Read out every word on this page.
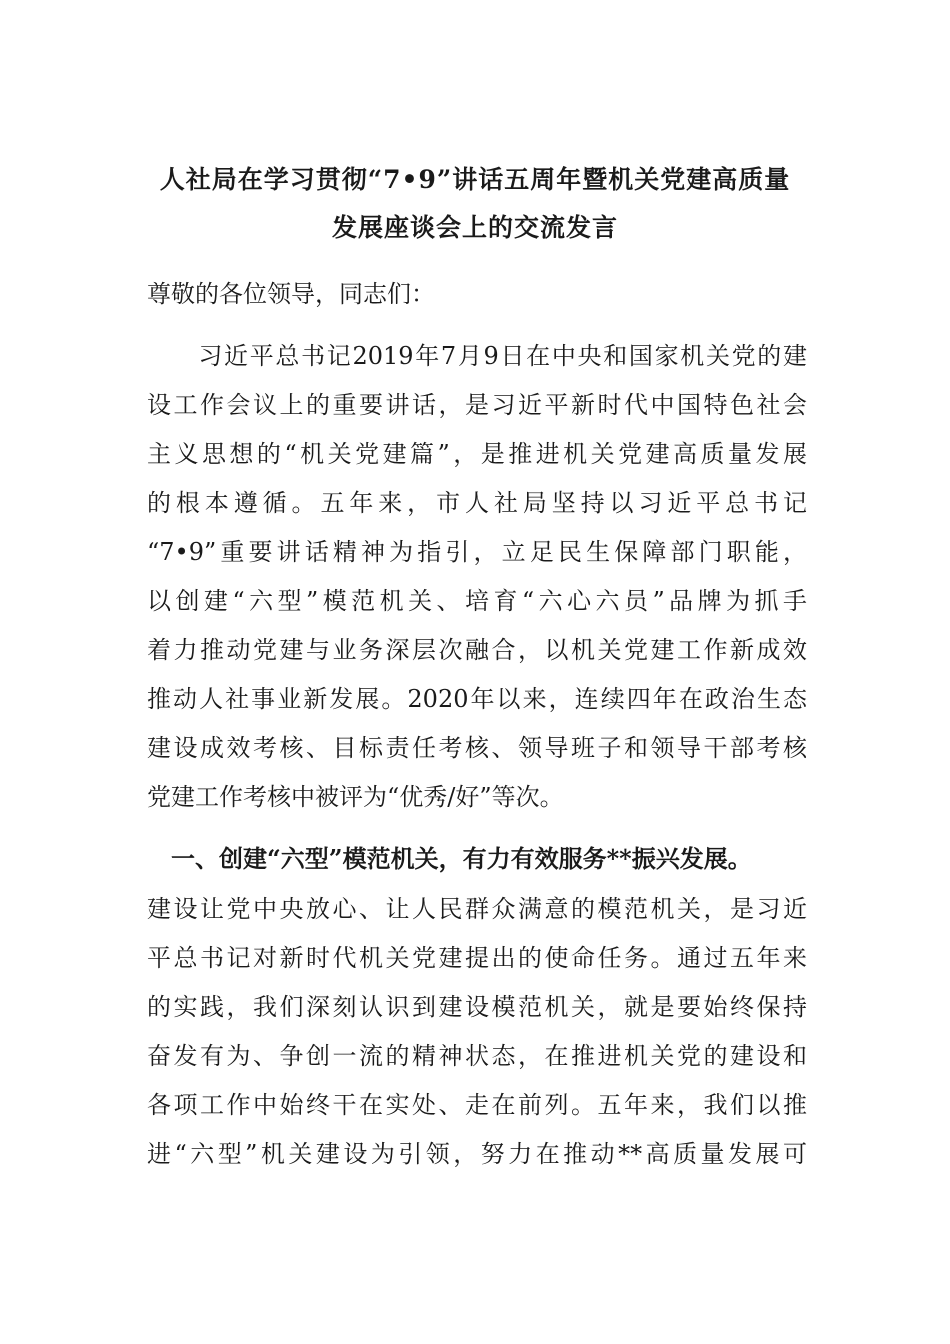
人社局在学习贯彻“7•9”讲话五周年暨机关党建高质量
发展座谈会上的交流发言
尊敬的各位领导，同志们：
　　习近平总书记2019年7月9日在中央和国家机关党的建
设工作会议上的重要讲话，是习近平新时代中国特色社会
主义思想的“机关党建篇”，是推进机关党建高质量发展
的根本遵循。五年来，市人社局坚持以习近平总书记
“7•9”重要讲话精神为指引，立足民生保障部门职能，
以创建“六型”模范机关、培育“六心六员”品牌为抓手
着力推动党建与业务深层次融合，以机关党建工作新成效
推动人社事业新发展。2020年以来，连续四年在政治生态
建设成效考核、目标责任考核、领导班子和领导干部考核
党建工作考核中被评为“优秀/好”等次。
　一、创建“六型”模范机关，有力有效服务**振兴发展。
建设让党中央放心、让人民群众满意的模范机关，是习近
平总书记对新时代机关党建提出的使命任务。通过五年来
的实践，我们深刻认识到建设模范机关，就是要始终保持
奋发有为、争创一流的精神状态，在推进机关党的建设和
各项工作中始终干在实处、走在前列。五年来，我们以推
进“六型”机关建设为引领，努力在推动**高质量发展可
